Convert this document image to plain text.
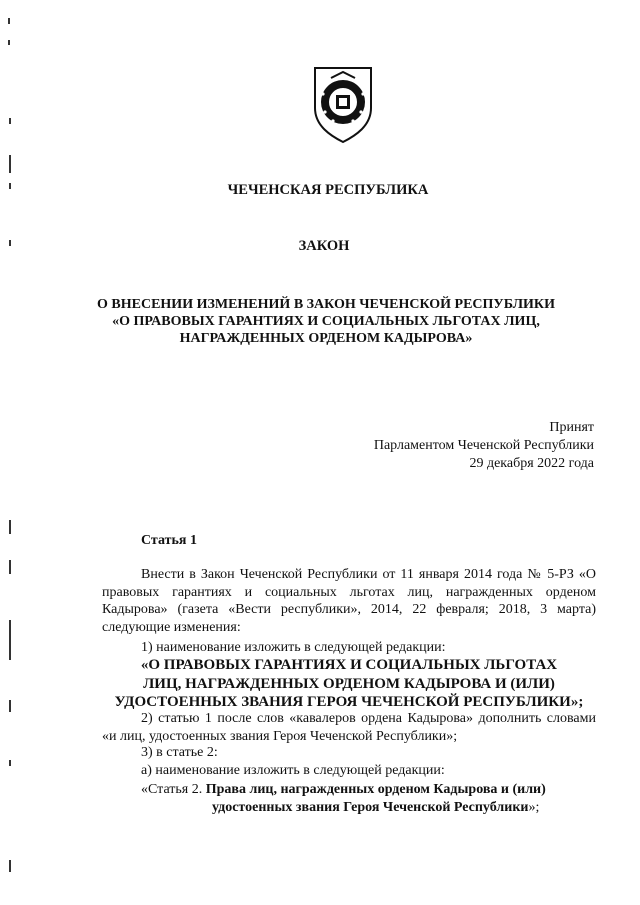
ЧЕЧЕНСКАЯ РЕСПУБЛИКА
ЗАКОН
О ВНЕСЕНИИ ИЗМЕНЕНИЙ В ЗАКОН ЧЕЧЕНСКОЙ РЕСПУБЛИКИ
«О ПРАВОВЫХ ГАРАНТИЯХ И СОЦИАЛЬНЫХ ЛЬГОТАХ ЛИЦ,
НАГРАЖДЕННЫХ ОРДЕНОМ КАДЫРОВА»
Принят
Парламентом Чеченской Республики
29 декабря 2022 года
Статья 1
Внести в Закон Чеченской Республики от 11 января 2014 года № 5-РЗ «О правовых гарантиях и социальных льготах лиц, награжденных орденом Кадырова» (газета «Вести республики», 2014, 22 февраля; 2018, 3 марта) следующие изменения:
1) наименование изложить в следующей редакции:
«О ПРАВОВЫХ ГАРАНТИЯХ И СОЦИАЛЬНЫХ ЛЬГОТАХ
ЛИЦ, НАГРАЖДЕННЫХ ОРДЕНОМ КАДЫРОВА И (ИЛИ)
УДОСТОЕННЫХ ЗВАНИЯ ГЕРОЯ ЧЕЧЕНСКОЙ РЕСПУБЛИКИ»;
2) статью 1 после слов «кавалеров ордена Кадырова» дополнить словами «и лиц, удостоенных звания Героя Чеченской Республики»;
3) в статье 2:
а) наименование изложить в следующей редакции:
«Статья 2. Права лиц, награжденных орденом Кадырова и (или)
удостоенных звания Героя Чеченской Республики»;
